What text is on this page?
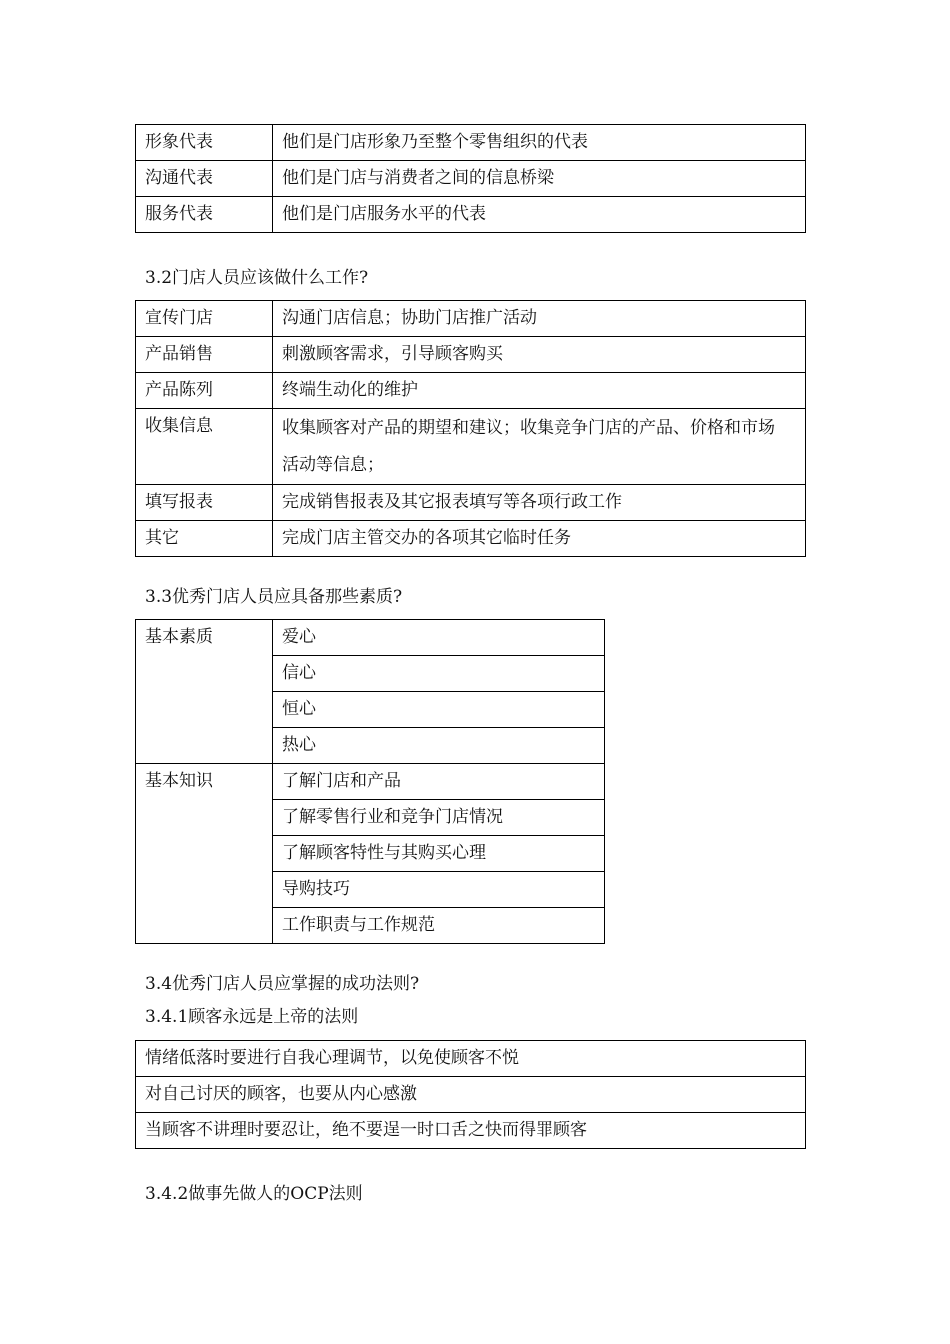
形象代表	他们是门店形象乃至整个零售组织的代表
沟通代表	他们是门店与消费者之间的信息桥梁
服务代表	他们是门店服务水平的代表
3.2门店人员应该做什么工作?
宣传门店	沟通门店信息；协助门店推广活动
产品销售	刺激顾客需求，引导顾客购买
产品陈列	终端生动化的维护
收集信息	收集顾客对产品的期望和建议；收集竞争门店的产品、价格和市场活动等信息；
填写报表	完成销售报表及其它报表填写等各项行政工作
其它	完成门店主管交办的各项其它临时任务
3.3优秀门店人员应具备那些素质?
基本素质	爱心
	信心
	恒心
	热心
基本知识	了解门店和产品
	了解零售行业和竞争门店情况
	了解顾客特性与其购买心理
	导购技巧
	工作职责与工作规范
3.4优秀门店人员应掌握的成功法则?
3.4.1顾客永远是上帝的法则
情绪低落时要进行自我心理调节，以免使顾客不悦
对自己讨厌的顾客，也要从内心感激
当顾客不讲理时要忍让，绝不要逞一时口舌之快而得罪顾客
3.4.2做事先做人的OCP法则
